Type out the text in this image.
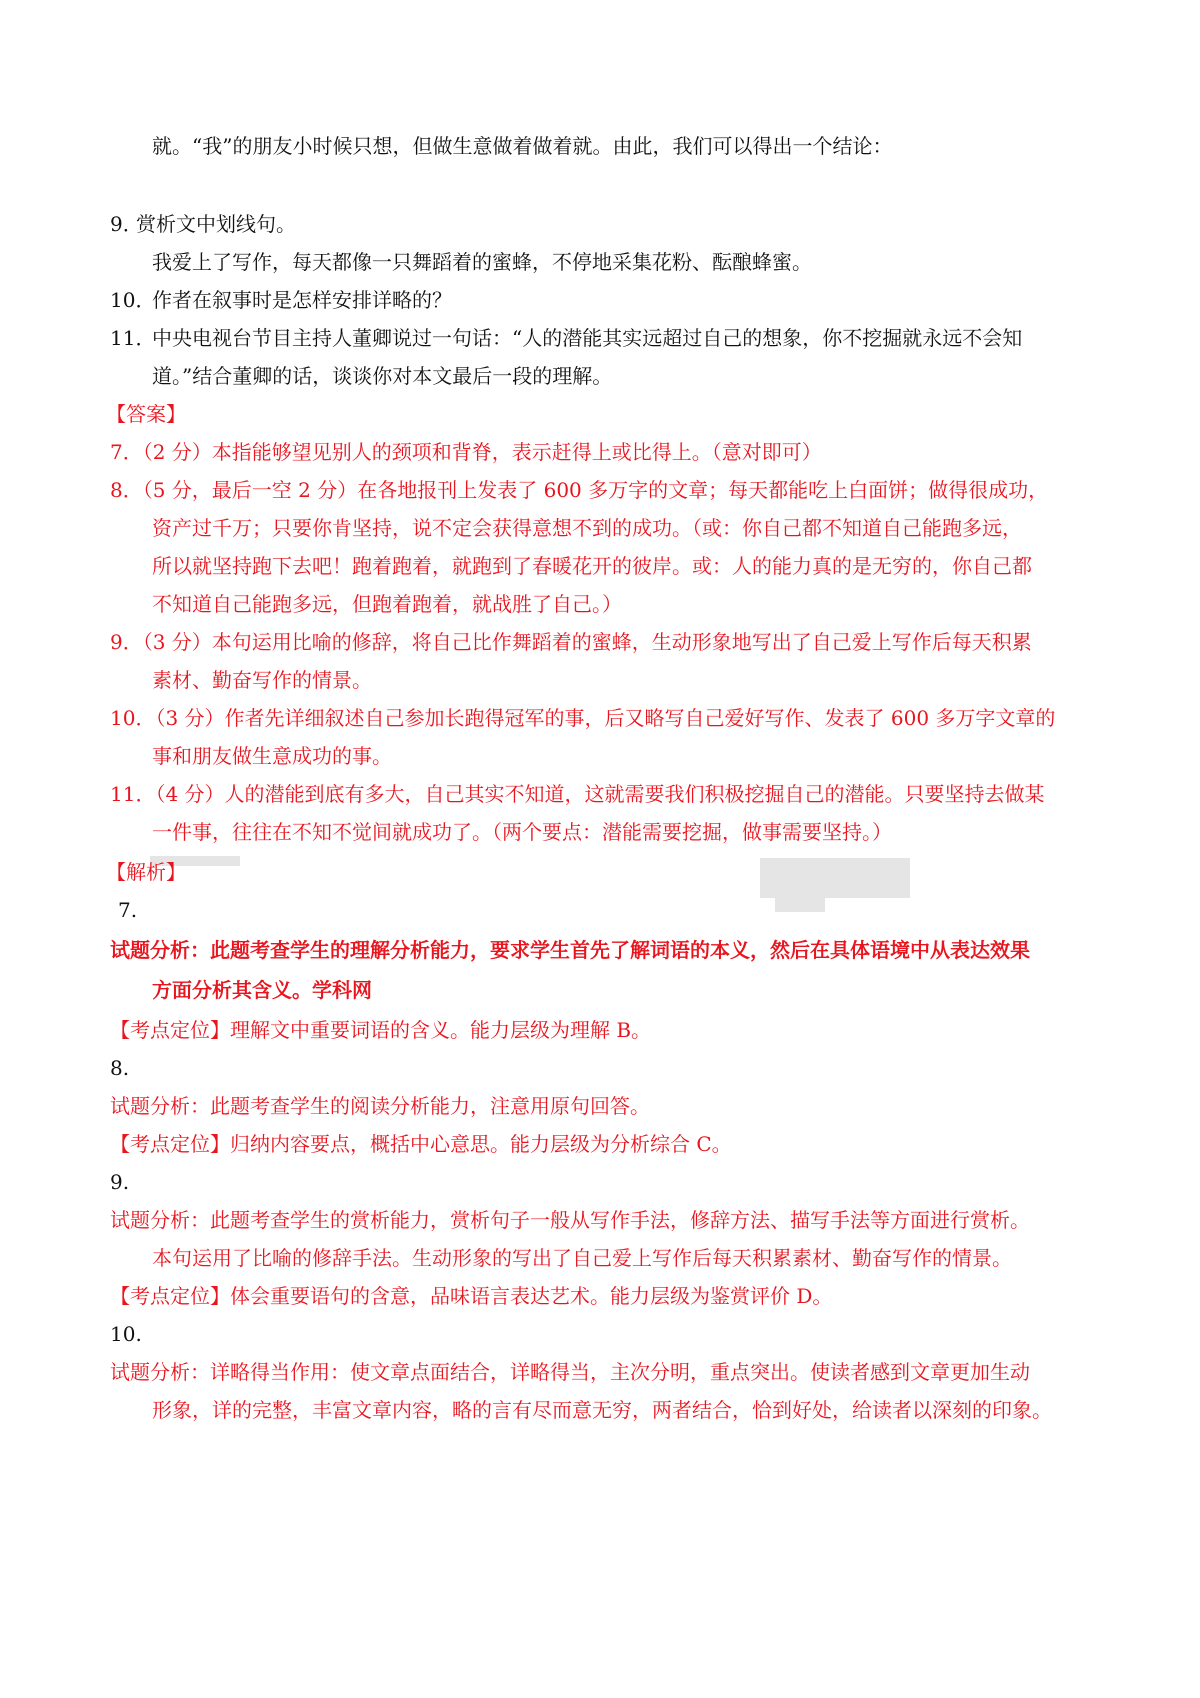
就。“我”的朋友小时候只想，但做生意做着做着就。由此，我们可以得出一个结论：
9．
赏析文中划线句。
我爱上了写作，每天都像一只舞蹈着的蜜蜂，不停地采集花粉、酝酿蜂蜜。
10．
作者在叙事时是怎样安排详略的？
11．
中央电视台节目主持人董卿说过一句话：“人的潜能其实远超过自己的想象，你不挖掘就永远不会知
道。”结合董卿的话，谈谈你对本文最后一段的理解。
【答案】
7．（2 分）本指能够望见别人的颈项和背脊，表示赶得上或比得上。（意对即可）
8．（5 分，最后一空 2 分）在各地报刊上发表了 600 多万字的文章；每天都能吃上白面饼；做得很成功，
资产过千万；只要你肯坚持，说不定会获得意想不到的成功。（或：你自己都不知道自己能跑多远，
所以就坚持跑下去吧！跑着跑着，就跑到了春暖花开的彼岸。或：人的能力真的是无穷的，你自己都
不知道自己能跑多远，但跑着跑着，就战胜了自己。）
9．（3 分）本句运用比喻的修辞，将自己比作舞蹈着的蜜蜂，生动形象地写出了自己爱上写作后每天积累
素材、勤奋写作的情景。
10．（3 分）作者先详细叙述自己参加长跑得冠军的事，后又略写自己爱好写作、发表了 600 多万字文章的
事和朋友做生意成功的事。
11．（4 分）人的潜能到底有多大，自己其实不知道，这就需要我们积极挖掘自己的潜能。只要坚持去做某
一件事，往往在不知不觉间就成功了。（两个要点：潜能需要挖掘，做事需要坚持。）
【解析】
7.
试题分析：此题考查学生的理解分析能力，要求学生首先了解词语的本义，然后在具体语境中从表达效果
方面分析其含义。学科网
【考点定位】理解文中重要词语的含义。能力层级为理解 B。
8.
试题分析：此题考查学生的阅读分析能力，注意用原句回答。
【考点定位】归纳内容要点，概括中心意思。能力层级为分析综合 C。
9.
试题分析：此题考查学生的赏析能力，赏析句子一般从写作手法，修辞方法、描写手法等方面进行赏析。
本句运用了比喻的修辞手法。生动形象的写出了自己爱上写作后每天积累素材、勤奋写作的情景。
【考点定位】体会重要语句的含意，品味语言表达艺术。能力层级为鉴赏评价 D。
10.
试题分析：详略得当作用：使文章点面结合，详略得当，主次分明，重点突出。使读者感到文章更加生动
形象，详的完整，丰富文章内容，略的言有尽而意无穷，两者结合，恰到好处，给读者以深刻的印象。
